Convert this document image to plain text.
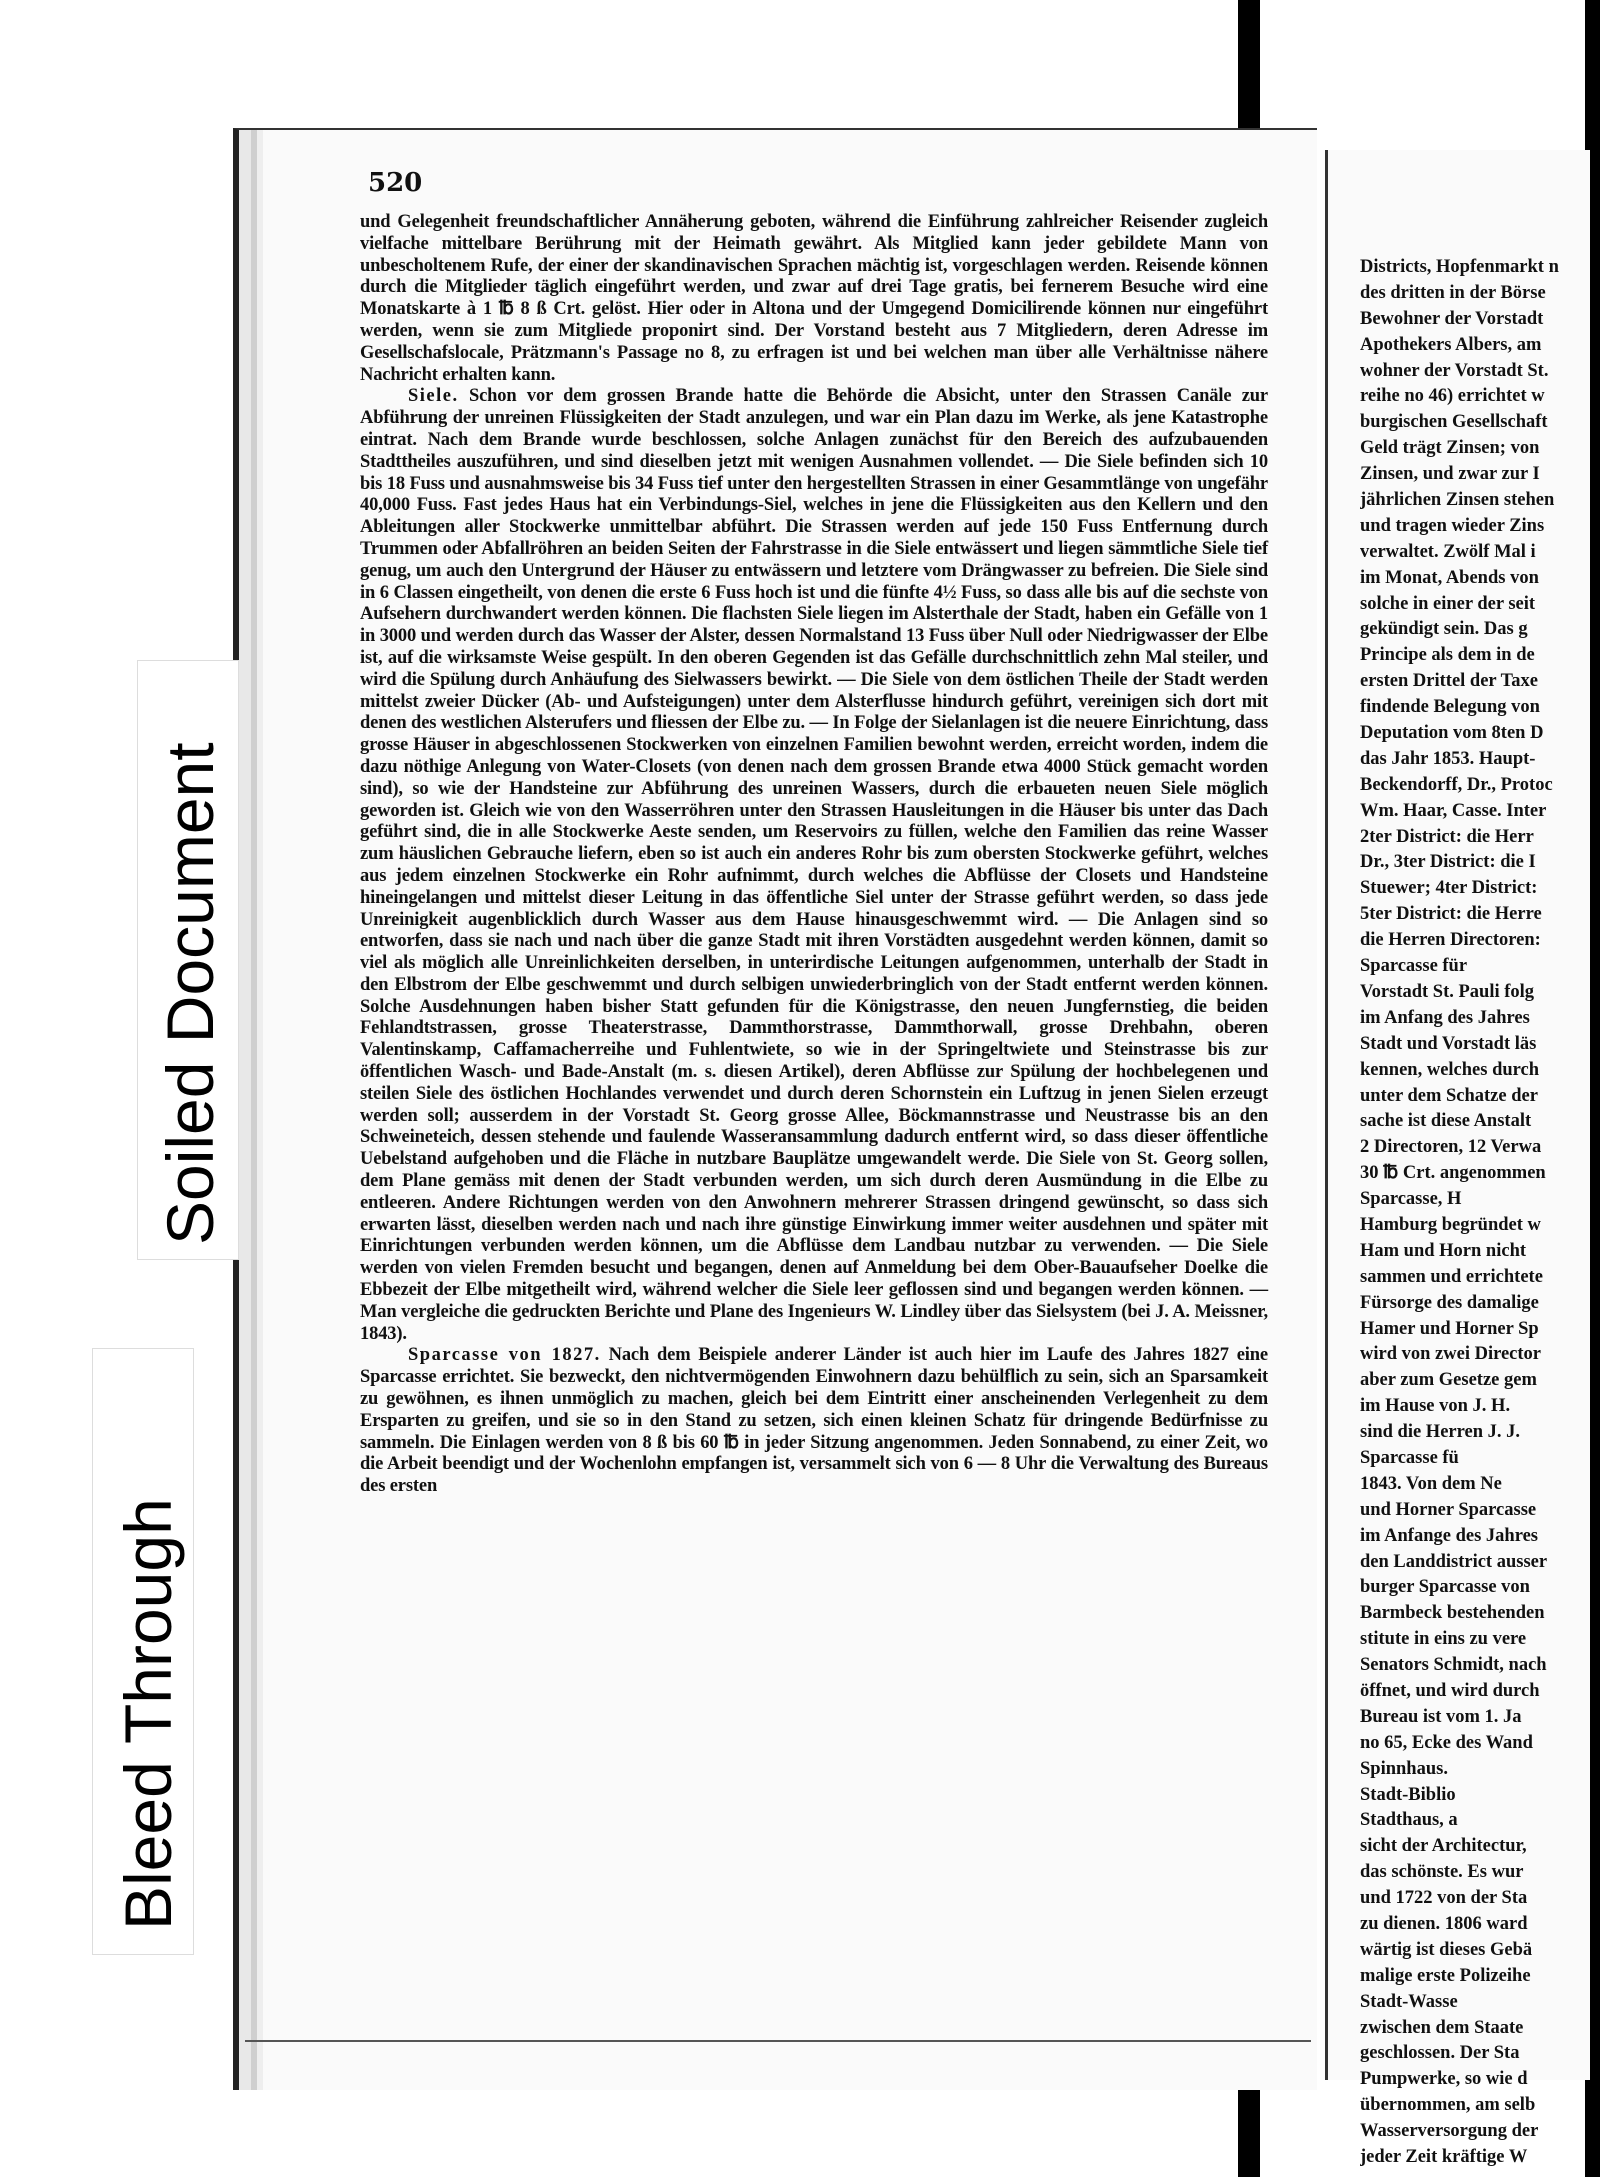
520

und Gelegenheit freundschaftlicher Annäherung geboten, während die Einführung zahlreicher Reisender zugleich vielfache mittelbare Berührung mit der Heimath gewährt. Als Mitglied kann jeder gebildete Mann von unbescholtenem Rufe, der einer der skandinavischen Sprachen mächtig ist, vorgeschlagen werden. Reisende können durch die Mitglieder täglich eingeführt werden, und zwar auf drei Tage gratis, bei fernerem Besuche wird eine Monatskarte à 1 ℔ 8 ß Crt. gelöst. Hier oder in Altona und der Umgegend Domicilirende können nur eingeführt werden, wenn sie zum Mitgliede proponirt sind. Der Vorstand besteht aus 7 Mitgliedern, deren Adresse im Gesellschafslocale, Prätzmann's Passage no 8, zu erfragen ist und bei welchen man über alle Verhältnisse nähere Nachricht erhalten kann.

Siele. Schon vor dem grossen Brande hatte die Behörde die Absicht, unter den Strassen Canäle zur Abführung der unreinen Flüssigkeiten der Stadt anzulegen, und war ein Plan dazu im Werke, als jene Katastrophe eintrat. Nach dem Brande wurde beschlossen, solche Anlagen zunächst für den Bereich des aufzubauenden Stadttheiles auszuführen, und sind dieselben jetzt mit wenigen Ausnahmen vollendet. — Die Siele befinden sich 10 bis 18 Fuss und ausnahmsweise bis 34 Fuss tief unter den hergestellten Strassen in einer Gesammtlänge von ungefähr 40,000 Fuss. Fast jedes Haus hat ein Verbindungs-Siel, welches in jene die Flüssigkeiten aus den Kellern und den Ableitungen aller Stockwerke unmittelbar abführt. Die Strassen werden auf jede 150 Fuss Entfernung durch Trummen oder Abfallröhren an beiden Seiten der Fahrstrasse in die Siele entwässert und liegen sämmtliche Siele tief genug, um auch den Untergrund der Häuser zu entwässern und letztere vom Drängwasser zu befreien. Die Siele sind in 6 Classen eingetheilt, von denen die erste 6 Fuss hoch ist und die fünfte 4½ Fuss, so dass alle bis auf die sechste von Aufsehern durchwandert werden können. Die flachsten Siele liegen im Alsterthale der Stadt, haben ein Gefälle von 1 in 3000 und werden durch das Wasser der Alster, dessen Normalstand 13 Fuss über Null oder Niedrigwasser der Elbe ist, auf die wirksamste Weise gespült. In den oberen Gegenden ist das Gefälle durchschnittlich zehn Mal steiler, und wird die Spülung durch Anhäufung des Sielwassers bewirkt. — Die Siele von dem östlichen Theile der Stadt werden mittelst zweier Dücker (Ab- und Aufsteigungen) unter dem Alsterflusse hindurch geführt, vereinigen sich dort mit denen des westlichen Alsterufers und fliessen der Elbe zu. — In Folge der Sielanlagen ist die neuere Einrichtung, dass grosse Häuser in abgeschlossenen Stockwerken von einzelnen Familien bewohnt werden, erreicht worden, indem die dazu nöthige Anlegung von Water-Closets (von denen nach dem grossen Brande etwa 4000 Stück gemacht worden sind), so wie der Handsteine zur Abführung des unreinen Wassers, durch die erbaueten neuen Siele möglich geworden ist. Gleich wie von den Wasserröhren unter den Strassen Hausleitungen in die Häuser bis unter das Dach geführt sind, die in alle Stockwerke Aeste senden, um Reservoirs zu füllen, welche den Familien das reine Wasser zum häuslichen Gebrauche liefern, eben so ist auch ein anderes Rohr bis zum obersten Stockwerke geführt, welches aus jedem einzelnen Stockwerke ein Rohr aufnimmt, durch welches die Abflüsse der Closets und Handsteine hineingelangen und mittelst dieser Leitung in das öffentliche Siel unter der Strasse geführt werden, so dass jede Unreinigkeit augenblicklich durch Wasser aus dem Hause hinausgeschwemmt wird. — Die Anlagen sind so entworfen, dass sie nach und nach über die ganze Stadt mit ihren Vorstädten ausgedehnt werden können, damit so viel als möglich alle Unreinlichkeiten derselben, in unterirdische Leitungen aufgenommen, unterhalb der Stadt in den Elbstrom der Elbe geschwemmt und durch selbigen unwiederbringlich von der Stadt entfernt werden können. Solche Ausdehnungen haben bisher Statt gefunden für die Königstrasse, den neuen Jungfernstieg, die beiden Fehlandtstrassen, grosse Theaterstrasse, Dammthorstrasse, Dammthorwall, grosse Drehbahn, oberen Valentinskamp, Caffamacherreihe und Fuhlentwiete, so wie in der Springeltwiete und Steinstrasse bis zur öffentlichen Wasch- und Bade-Anstalt (m. s. diesen Artikel), deren Abflüsse zur Spülung der hochbelegenen und steilen Siele des östlichen Hochlandes verwendet und durch deren Schornstein ein Luftzug in jenen Sielen erzeugt werden soll; ausserdem in der Vorstadt St. Georg grosse Allee, Böckmannstrasse und Neustrasse bis an den Schweineteich, dessen stehende und faulende Wasseransammlung dadurch entfernt wird, so dass dieser öffentliche Uebelstand aufgehoben und die Fläche in nutzbare Bauplätze umgewandelt werde. Die Siele von St. Georg sollen, dem Plane gemäss mit denen der Stadt verbunden werden, um sich durch deren Ausmündung in die Elbe zu entleeren. Andere Richtungen werden von den Anwohnern mehrerer Strassen dringend gewünscht, so dass sich erwarten lässt, dieselben werden nach und nach ihre günstige Einwirkung immer weiter ausdehnen und später mit Einrichtungen verbunden werden können, um die Abflüsse dem Landbau nutzbar zu verwenden. — Die Siele werden von vielen Fremden besucht und begangen, denen auf Anmeldung bei dem Ober-Bauaufseher Doelke die Ebbezeit der Elbe mitgetheilt wird, während welcher die Siele leer geflossen sind und begangen werden können. — Man vergleiche die gedruckten Berichte und Plane des Ingenieurs W. Lindley über das Sielsystem (bei J. A. Meissner, 1843).

Sparcasse von 1827. Nach dem Beispiele anderer Länder ist auch hier im Laufe des Jahres 1827 eine Sparcasse errichtet. Sie bezweckt, den nichtvermögenden Einwohnern dazu behülflich zu sein, sich an Sparsamkeit zu gewöhnen, es ihnen unmöglich zu machen, gleich bei dem Eintritt einer anscheinenden Verlegenheit zu dem Ersparten zu greifen, und sie so in den Stand zu setzen, sich einen kleinen Schatz für dringende Bedürfnisse zu sammeln. Die Einlagen werden von 8 ß bis 60 ℔ in jeder Sitzung angenommen. Jeden Sonnabend, zu einer Zeit, wo die Arbeit beendigt und der Wochenlohn empfangen ist, versammelt sich von 6 — 8 Uhr die Verwaltung des Bureaus des ersten

Districts, Hopfenmarkt n
des dritten in der Börse
Bewohner der Vorstadt
Apothekers Albers, am
wohner der Vorstadt St.
reihe no 46) errichtet w
burgischen Gesellschaft
Geld trägt Zinsen; von
Zinsen, und zwar zur I
jährlichen Zinsen stehen
und tragen wieder Zins
verwaltet. Zwölf Mal i
im Monat, Abends von
solche in einer der seit
gekündigt sein. Das g
Principe als dem in de
ersten Drittel der Taxe
findende Belegung von
Deputation vom 8ten D
das Jahr 1853. Haupt-
Beckendorff, Dr., Protoc
Wm. Haar, Casse. Inter
2ter District: die Herr
Dr., 3ter District: die I
Stuewer; 4ter District:
5ter District: die Herre
die Herren Directoren:
Sparcasse für
Vorstadt St. Pauli folg
im Anfang des Jahres
Stadt und Vorstadt läs
kennen, welches durch
unter dem Schatze der
sache ist diese Anstalt
2 Directoren, 12 Verwa
30 ℔ Crt. angenommen
Sparcasse, H
Hamburg begründet w
Ham und Horn nicht
sammen und errichtete
Fürsorge des damalige
Hamer und Horner Sp
wird von zwei Director
aber zum Gesetze gem
im Hause von J. H.
sind die Herren J. J.
Sparcasse fü
1843. Von dem Ne
und Horner Sparcasse
im Anfange des Jahres
den Landdistrict ausser
burger Sparcasse von
Barmbeck bestehenden
stitute in eins zu vere
Senators Schmidt, nach
öffnet, und wird durch
Bureau ist vom 1. Ja
no 65, Ecke des Wand
Spinnhaus.
Stadt-Biblio
Stadthaus, a
sicht der Architectur,
das schönste. Es wur
und 1722 von der Sta
zu dienen. 1806 ward
wärtig ist dieses Gebä
malige erste Polizeihe
Stadt-Wasse
zwischen dem Staate
geschlossen. Der Sta
Pumpwerke, so wie d
übernommen, am selb
Wasserversorgung der
jeder Zeit kräftige W
Soiled Document
Bleed Through
